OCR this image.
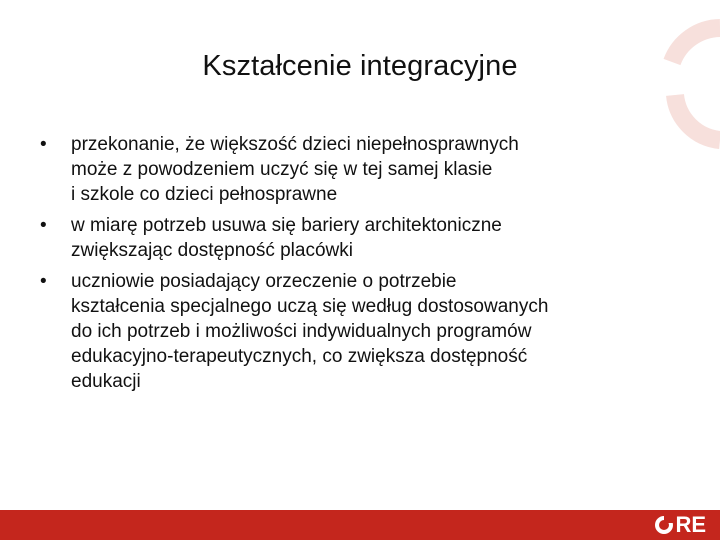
Kształcenie integracyjne
•	przekonanie, że większość dzieci niepełnosprawnych
może z powodzeniem uczyć się w tej samej klasie
i szkole co dzieci pełnosprawne
•	w miarę potrzeb usuwa się bariery architektoniczne
zwiększając dostępność placówki
•	uczniowie posiadający orzeczenie o potrzebie
kształcenia specjalnego uczą się według dostosowanych
do ich potrzeb i możliwości indywidualnych programów
edukacyjno-terapeutycznych, co zwiększa dostępność
edukacji
RE
